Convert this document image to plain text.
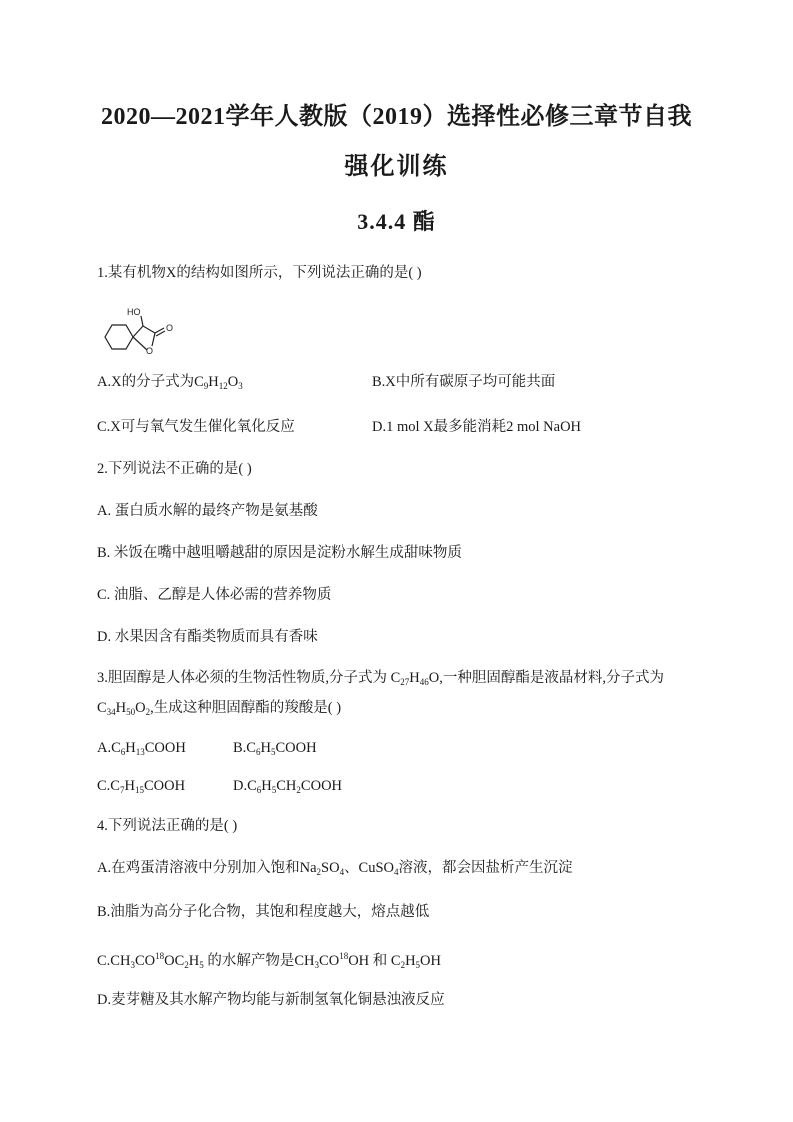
2020—2021学年人教版（2019）选择性必修三章节自我
强化训练
3.4.4 酯
1.某有机物X的结构如图所示，下列说法正确的是( )
HO
O
O
A.X的分子式为$C_9H_{12}O_3$	B.X中所有碳原子均可能共面
C.X可与氧气发生催化氧化反应	D.1 mol X最多能消耗2 mol NaOH
2.下列说法不正确的是( )
A. 蛋白质水解的最终产物是氨基酸
B. 米饭在嘴中越咀嚼越甜的原因是淀粉水解生成甜味物质
C. 油脂、乙醇是人体必需的营养物质
D. 水果因含有酯类物质而具有香味
3.胆固醇是人体必须的生物活性物质,分子式为 $C_{27}H_{46}O$,一种胆固醇酯是液晶材料,分子式为
$C_{34}H_{50}O_2$,生成这种胆固醇酯的羧酸是( )
$A.C_6H_{13}COOH$	$B.C_6H_5COOH$
$C.C_7H_{15}COOH$	$D.C_6H_5CH_2COOH$
4.下列说法正确的是( )
A.在鸡蛋清溶液中分别加入饱和$Na_2SO_4$、CuSO$_4$溶液，都会因盐析产生沉淀
B.油脂为高分子化合物，其饱和程度越大，熔点越低
$C.CH_3CO^{18}OC_2H_5$ 的水解产物是$CH_3CO^{18}OH$ 和 $C_2H_5OH$
D.麦芽糖及其水解产物均能与新制氢氧化铜悬浊液反应
